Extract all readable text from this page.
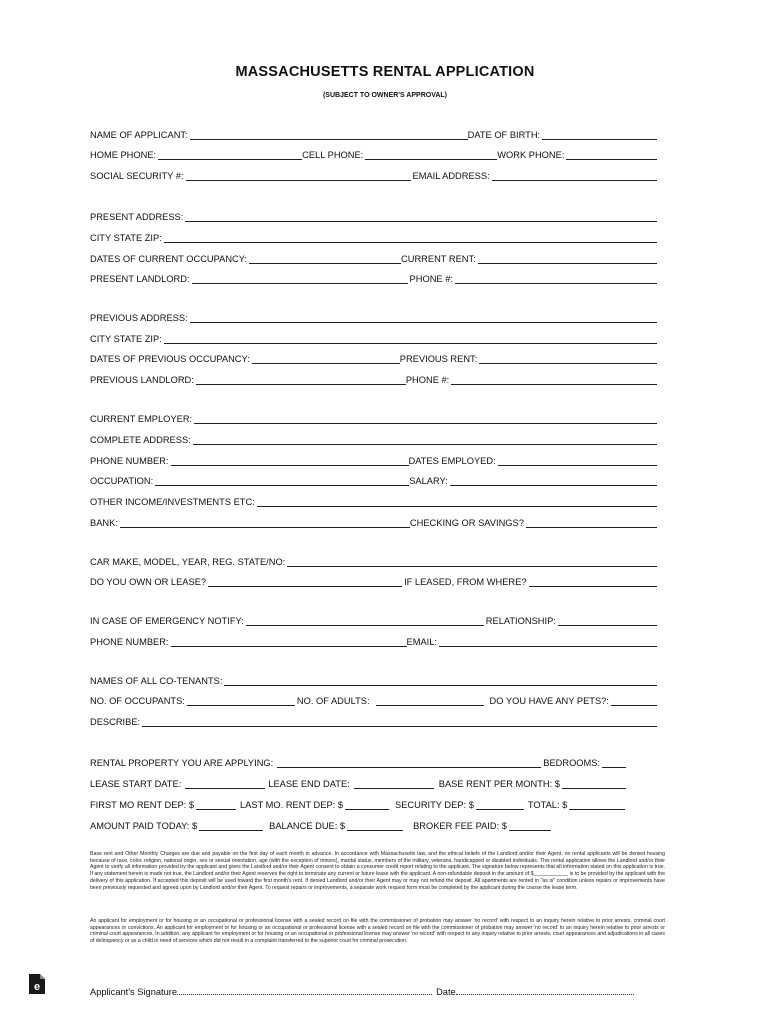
MASSACHUSETTS RENTAL APPLICATION
(SUBJECT TO OWNER'S APPROVAL)
NAME OF APPLICANT:	DATE OF BIRTH:
HOME PHONE:	CELL PHONE:	WORK PHONE:
SOCIAL SECURITY #:	EMAIL ADDRESS:
PRESENT ADDRESS:
CITY STATE ZIP:
DATES OF CURRENT OCCUPANCY:	CURRENT RENT:
PRESENT LANDLORD:	PHONE #:
PREVIOUS ADDRESS:
CITY STATE ZIP:
DATES OF PREVIOUS OCCUPANCY:	PREVIOUS RENT:
PREVIOUS LANDLORD:	PHONE #:
CURRENT EMPLOYER:
COMPLETE ADDRESS:
PHONE NUMBER:	DATES EMPLOYED:
OCCUPATION:	SALARY:
OTHER INCOME/INVESTMENTS ETC:
BANK:	CHECKING OR SAVINGS?
CAR MAKE, MODEL, YEAR, REG. STATE/NO:
DO YOU OWN OR LEASE?	IF LEASED, FROM WHERE?
IN CASE OF EMERGENCY NOTIFY:	RELATIONSHIP:
PHONE NUMBER:	EMAIL:
NAMES OF ALL CO-TENANTS:
NO. OF OCCUPANTS:	NO. OF ADULTS:	DO YOU HAVE ANY PETS?:
DESCRIBE:
RENTAL PROPERTY YOU ARE APPLYING:	BEDROOMS:
LEASE START DATE:	LEASE END DATE:	BASE RENT PER MONTH: $
FIRST MO RENT DEP: $	LAST MO. RENT DEP: $	SECURITY DEP: $	TOTAL: $
AMOUNT PAID TODAY: $	BALANCE DUE: $	BROKER FEE PAID: $
Base rent and Other Monthly Charges are due and payable on the first day of each month in advance. In accordance with Massachusetts law, and the ethical beliefs of the Landlord and/or their Agent, no rental applicants will be denied housing because of race, color, religion, national origin, sex or sexual orientation, age (with the exception of minors), marital status, members of the military, veterans, handicapped or disabled individuals. This rental application allows the Landlord and/or their Agent to verify all information provided by the applicant and gives the Landlord and/or their Agent consent to obtain a consumer credit report relating to the applicant. The signature below represents that all information stated on this application is true. If any statement herein is made not true, the Landlord and/or their Agent reserves the right to terminate any current or future lease with the applicant. A non-refundable deposit in the amount of $____________ is to be provided by the applicant with the delivery of this application. If accepted this deposit will be used toward the first month's rent. If denied Landlord and/or their Agent may or may not refund the deposit. All apartments are rented in "as is" condition unless repairs or improvements have been previously requested and agreed upon by Landlord and/or their Agent. To request repairs or improvements, a separate work request form must be completed by the applicant during the course the lease term.
An applicant for employment or for housing or an occupational or professional license with a sealed record on file with the commissioner of probation may answer 'no record' with respect to an inquiry herein relative to prior arrests, criminal court appearances or convictions. An applicant for employment or for housing or an occupational or professional license with a sealed record on file with the commissioner of probation may answer 'no record' to an inquiry herein relative to prior arrests or criminal court appearances. In addition, any applicant for employment or for housing or an occupational or professional license may answer 'no record' with respect to any inquiry relative to prior arrests, court appearances and adjudications in all cases of delinquency or as a child in need of services which did not result in a complaint transferred to the superior court for criminal prosecution.
Applicant's Signature	Date
e
